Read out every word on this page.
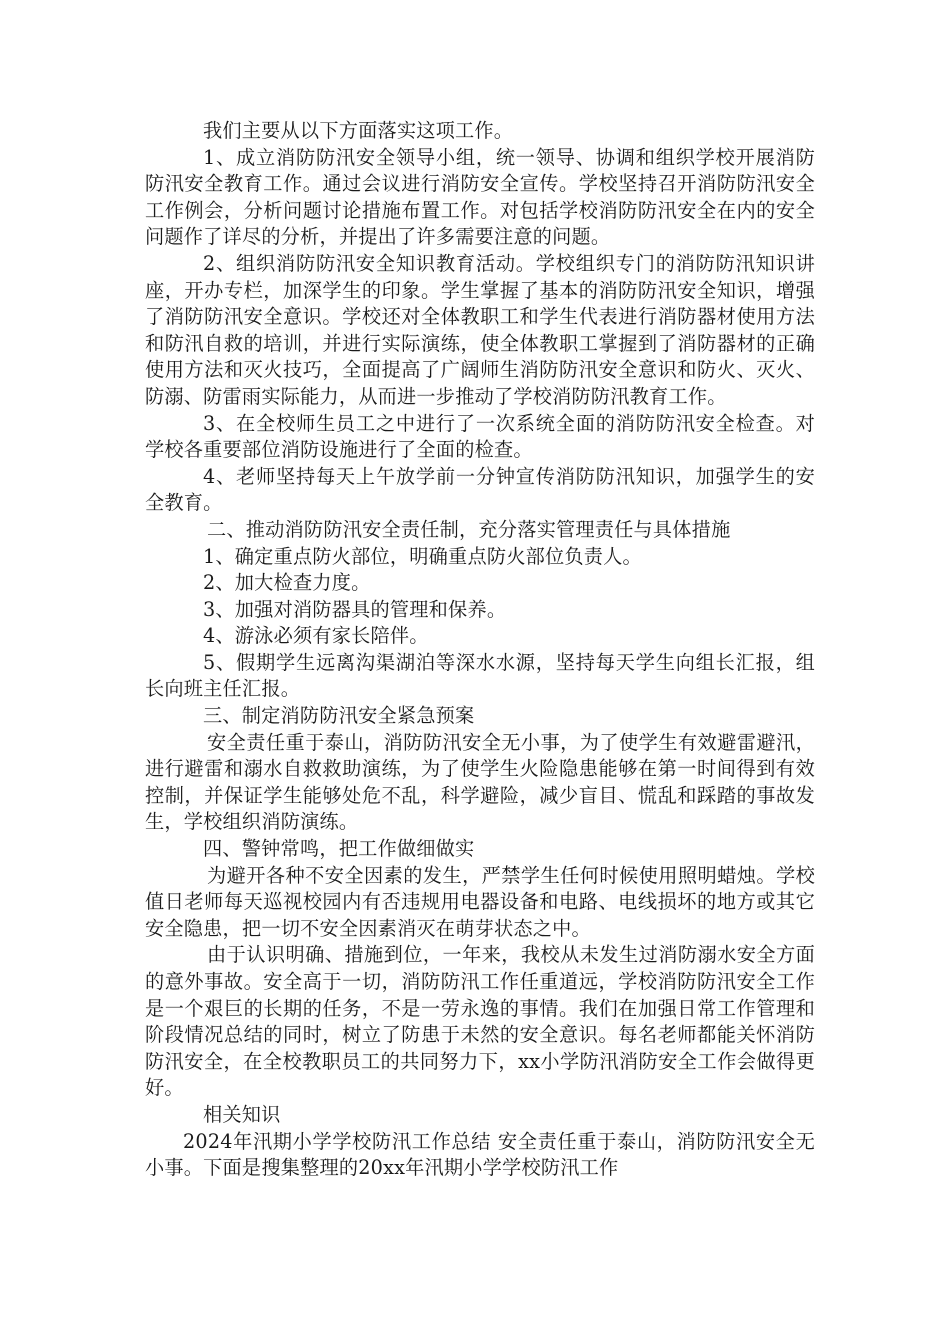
我们主要从以下方面落实这项工作。

1、成立消防防汛安全领导小组，统一领导、协调和组织学校开展消防防汛安全教育工作。通过会议进行消防安全宣传。学校坚持召开消防防汛安全工作例会，分析问题讨论措施布置工作。对包括学校消防防汛安全在内的安全问题作了详尽的分析，并提出了许多需要注意的问题。

2、组织消防防汛安全知识教育活动。学校组织专门的消防防汛知识讲座，开办专栏，加深学生的印象。学生掌握了基本的消防防汛安全知识，增强了消防防汛安全意识。学校还对全体教职工和学生代表进行消防器材使用方法和防汛自救的培训，并进行实际演练，使全体教职工掌握到了消防器材的正确使用方法和灭火技巧，全面提高了广阔师生消防防汛安全意识和防火、灭火、防溺、防雷雨实际能力，从而进一步推动了学校消防防汛教育工作。

3、在全校师生员工之中进行了一次系统全面的消防防汛安全检查。对学校各重要部位消防设施进行了全面的检查。

4、老师坚持每天上午放学前一分钟宣传消防防汛知识，加强学生的安全教育。

二、推动消防防汛安全责任制，充分落实管理责任与具体措施

1、确定重点防火部位，明确重点防火部位负责人。

2、加大检查力度。

3、加强对消防器具的管理和保养。

4、游泳必须有家长陪伴。

5、假期学生远离沟渠湖泊等深水水源，坚持每天学生向组长汇报，组长向班主任汇报。

三、制定消防防汛安全紧急预案

安全责任重于泰山，消防防汛安全无小事，为了使学生有效避雷避汛，进行避雷和溺水自救救助演练，为了使学生火险隐患能够在第一时间得到有效控制，并保证学生能够处危不乱，科学避险，减少盲目、慌乱和踩踏的事故发生，学校组织消防演练。

四、警钟常鸣，把工作做细做实

为避开各种不安全因素的发生，严禁学生任何时候使用照明蜡烛。学校值日老师每天巡视校园内有否违规用电器设备和电路、电线损坏的地方或其它安全隐患，把一切不安全因素消灭在萌芽状态之中。

由于认识明确、措施到位，一年来，我校从未发生过消防溺水安全方面的意外事故。安全高于一切，消防防汛工作任重道远，学校消防防汛安全工作是一个艰巨的长期的任务，不是一劳永逸的事情。我们在加强日常工作管理和阶段情况总结的同时，树立了防患于未然的安全意识。每名老师都能关怀消防防汛安全，在全校教职员工的共同努力下，xx小学防汛消防安全工作会做得更好。

相关知识

2024年汛期小学学校防汛工作总结 安全责任重于泰山，消防防汛安全无小事。下面是搜集整理的20xx年汛期小学学校防汛工作
